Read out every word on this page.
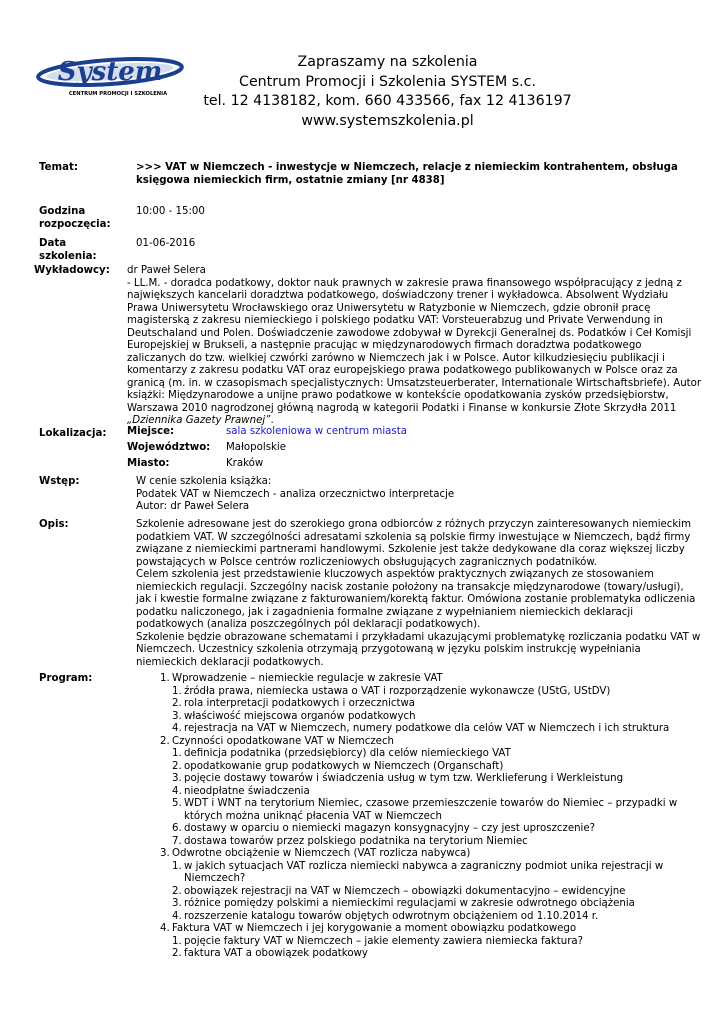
System
CENTRUM PROMOCJI I SZKOLENIA
Zapraszamy na szkolenia
Centrum Promocji i Szkolenia SYSTEM s.c.
tel. 12 4138182, kom. 660 433566, fax 12 4136197
www.systemszkolenia.pl
Temat:	>>> VAT w Niemczech - inwestycje w Niemczech, relacje z niemieckim kontrahentem, obsługa księgowa niemieckich firm, ostatnie zmiany [nr 4838]
Godzina
rozpoczęcia:
10:00 - 15:00
Data
szkolenia:
01-06-2016
Wykładowcy: dr Paweł Selera
- LL.M. - doradca podatkowy, doktor nauk prawnych w zakresie prawa finansowego współpracujący z jedną z największych kancelarii doradztwa podatkowego, doświadczony trener i wykładowca. Absolwent Wydziału Prawa Uniwersytetu Wrocławskiego oraz Uniwersytetu w Ratyzbonie w Niemczech, gdzie obronił pracę magisterską z zakresu niemieckiego i polskiego podatku VAT: Vorsteuerabzug und Private Verwendung in Deutschaland und Polen. Doświadczenie zawodowe zdobywał w Dyrekcji Generalnej ds. Podatków i Ceł Komisji Europejskiej w Brukseli, a następnie pracując w międzynarodowych firmach doradztwa podatkowego zaliczanych do tzw. wielkiej czwórki zarówno w Niemczech jak i w Polsce. Autor kilkudziesięciu publikacji i komentarzy z zakresu podatku VAT oraz europejskiego prawa podatkowego publikowanych w Polsce oraz za granicą (m. in. w czasopismach specjalistycznych: Umsatzsteuerberater, Internationale Wirtschaftsbriefe). Autor książki: Międzynarodowe a unijne prawo podatkowe w kontekście opodatkowania zysków przedsiębiorstw, Warszawa 2010 nagrodzonej główną nagrodą w kategorii Podatki i Finanse w konkursie Złote Skrzydła 2011 „Dziennika Gazety Prawnej”.
Lokalizacja: Miejsce:	sala szkoleniowa w centrum miasta
Województwo: Małopolskie
Miasto:	Kraków
Wstęp:	W cenie szkolenia książka:
Podatek VAT w Niemczech - analiza orzecznictwo interpretacje
Autor: dr Paweł Selera
Opis:	Szkolenie adresowane jest do szerokiego grona odbiorców z różnych przyczyn zainteresowanych niemieckim podatkiem VAT. W szczególności adresatami szkolenia są polskie firmy inwestujące w Niemczech, bądź firmy związane z niemieckimi partnerami handlowymi. Szkolenie jest także dedykowane dla coraz większej liczby powstających w Polsce centrów rozliczeniowych obsługujących zagranicznych podatników.

Celem szkolenia jest przedstawienie kluczowych aspektów praktycznych związanych ze stosowaniem niemieckich regulacji. Szczególny nacisk zostanie położony na transakcje międzynarodowe (towary/usługi), jak i kwestie formalne związane z fakturowaniem/korektą faktur. Omówiona zostanie problematyka odliczenia podatku naliczonego, jak i zagadnienia formalne związane z wypełnianiem niemieckich deklaracji podatkowych (analiza poszczególnych pól deklaracji podatkowych).

Szkolenie będzie obrazowane schematami i przykładami ukazującymi problematykę rozliczania podatku VAT w Niemczech. Uczestnicy szkolenia otrzymają przygotowaną w języku polskim instrukcję wypełniania niemieckich deklaracji podatkowych.

Program:	1. Wprowadzenie – niemieckie regulacje w zakresie VAT
1. źródła prawa, niemiecka ustawa o VAT i rozporządzenie wykonawcze (UStG, UStDV)
2. rola interpretacji podatkowych i orzecznictwa
3. właściwość miejscowa organów podatkowych
4. rejestracja na VAT w Niemczech, numery podatkowe dla celów VAT w Niemczech i ich struktura
2. Czynności opodatkowane VAT w Niemczech
1. definicja podatnika (przedsiębiorcy) dla celów niemieckiego VAT
2. opodatkowanie grup podatkowych w Niemczech (Organschaft)
3. pojęcie dostawy towarów i świadczenia usług w tym tzw. Werklieferung i Werkleistung
4. nieodpłatne świadczenia
5. WDT i WNT na terytorium Niemiec, czasowe przemieszczenie towarów do Niemiec – przypadki w których można uniknąć płacenia VAT w Niemczech
6. dostawy w oparciu o niemiecki magazyn konsygnacyjny – czy jest uproszczenie?
7. dostawa towarów przez polskiego podatnika na terytorium Niemiec
3. Odwrotne obciążenie w Niemczech (VAT rozlicza nabywca)
1. w jakich sytuacjach VAT rozlicza niemiecki nabywca a zagraniczny podmiot unika rejestracji w Niemczech?
2. obowiązek rejestracji na VAT w Niemczech – obowiązki dokumentacyjno – ewidencyjne
3. różnice pomiędzy polskimi a niemieckimi regulacjami w zakresie odwrotnego obciążenia
4. rozszerzenie katalogu towarów objętych odwrotnym obciążeniem od 1.10.2014 r.
4. Faktura VAT w Niemczech i jej korygowanie a moment obowiązku podatkowego
1. pojęcie faktury VAT w Niemczech – jakie elementy zawiera niemiecka faktura?
2. faktura VAT a obowiązek podatkowy
